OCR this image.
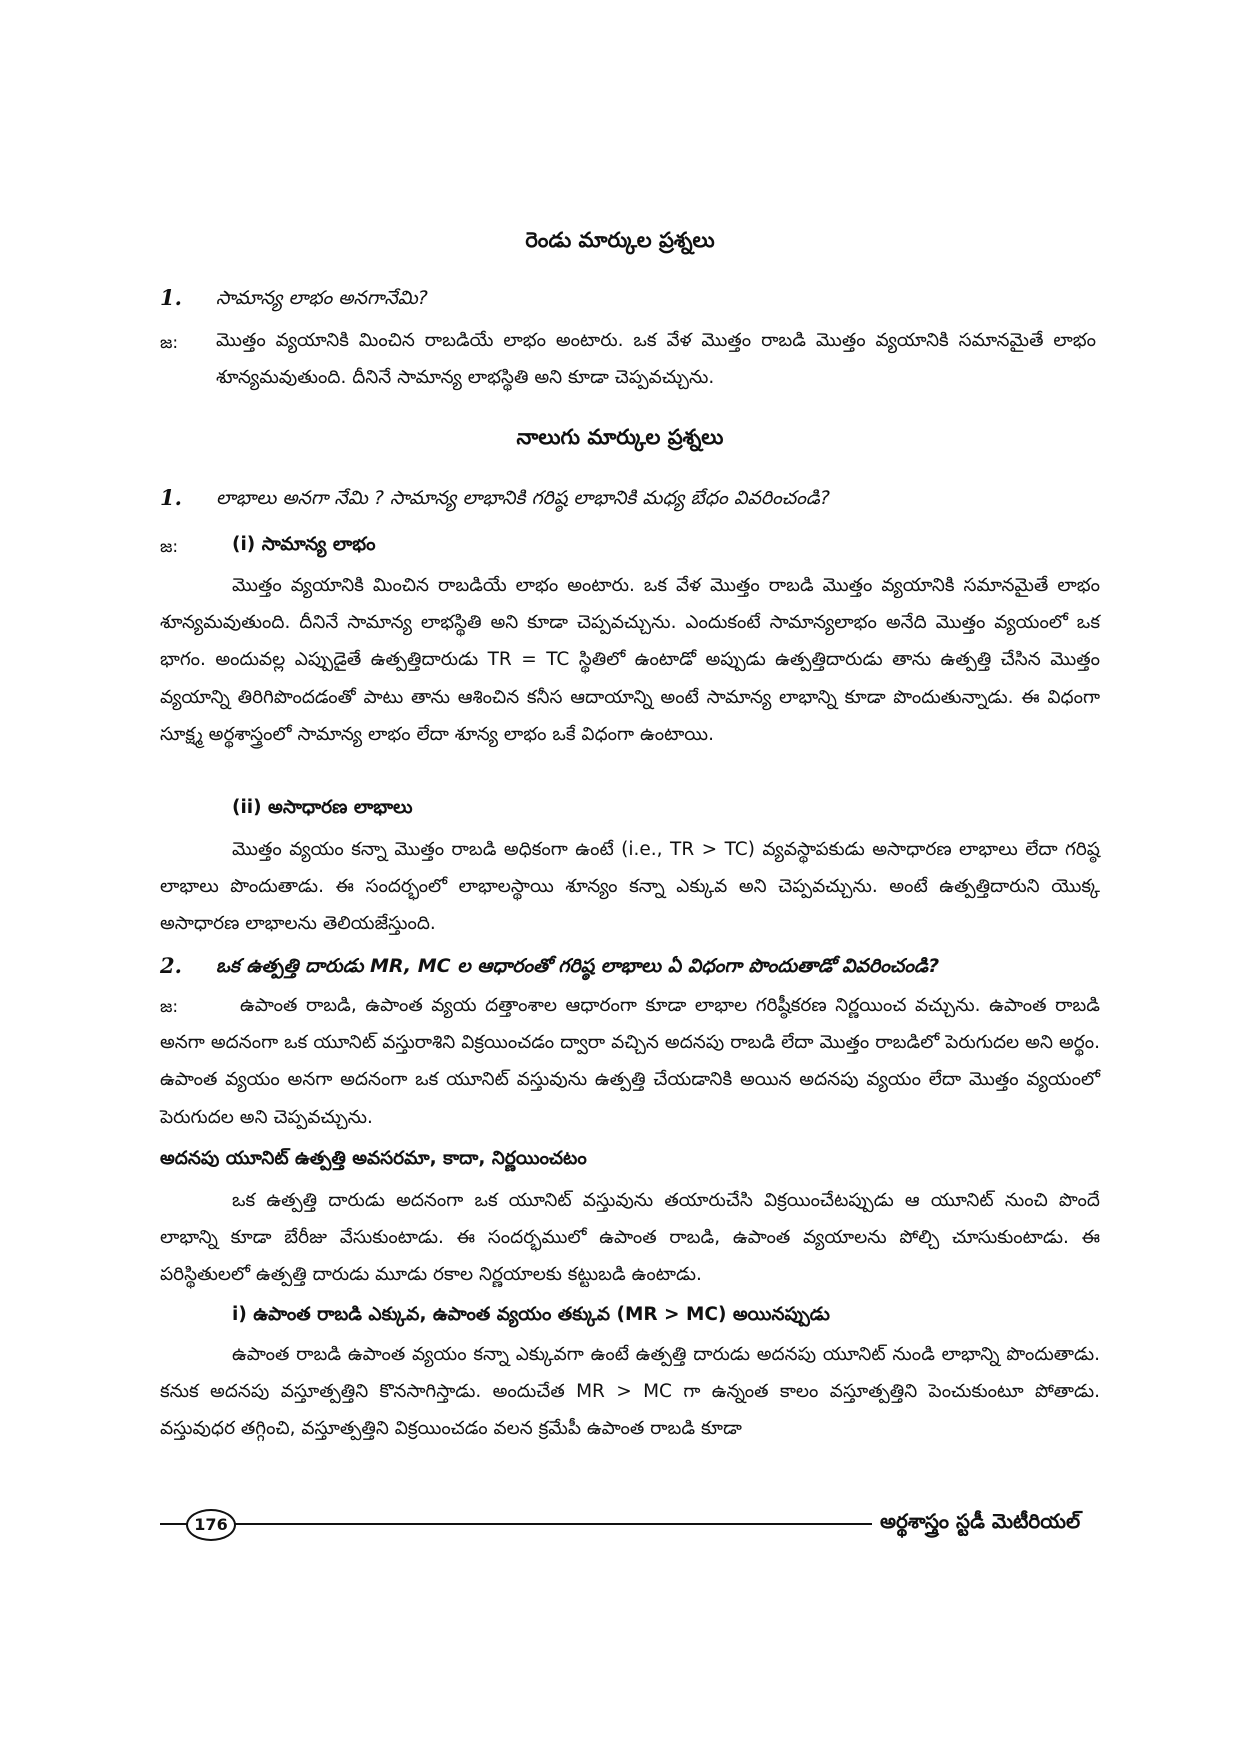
రెండు మార్కుల ప్రశ్నలు
1. సామాన్య లాభం అనగానేమి?
జ: మొత్తం వ్యయానికి మించిన రాబడియే లాభం అంటారు. ఒక వేళ మొత్తం రాబడి మొత్తం వ్యయానికి సమానమైతే లాభం శూన్యమవుతుంది. దీనినే సామాన్య లాభస్థితి అని కూడా చెప్పవచ్చును.

నాలుగు మార్కుల ప్రశ్నలు
1. లాభాలు అనగా నేమి ? సామాన్య లాభానికి గరిష్ఠ లాభానికి మధ్య బేధం వివరించండి?
జ:	(i) సామాన్య లాభం

మొత్తం వ్యయానికి మించిన రాబడియే లాభం అంటారు. ఒక వేళ మొత్తం రాబడి మొత్తం వ్యయానికి సమానమైతే లాభం శూన్యమవుతుంది. దీనినే సామాన్య లాభస్థితి అని కూడా చెప్పవచ్చును. ఎందుకంటే సామాన్యలాభం అనేది మొత్తం వ్యయంలో ఒక భాగం. అందువల్ల ఎప్పుడైతే ఉత్పత్తిదారుడు TR = TC స్థితిలో ఉంటాడో అప్పుడు ఉత్పత్తిదారుడు తాను ఉత్పత్తి చేసిన మొత్తం వ్యయాన్ని తిరిగిపొందడంతో పాటు తాను ఆశించిన కనీస ఆదాయాన్ని అంటే సామాన్య లాభాన్ని కూడా పొందుతున్నాడు. ఈ విధంగా సూక్ష్మ అర్థశాస్త్రంలో సామాన్య లాభం లేదా శూన్య లాభం ఒకే విధంగా ఉంటాయి.

(ii) అసాధారణ లాభాలు

మొత్తం వ్యయం కన్నా మొత్తం రాబడి అధికంగా ఉంటే (i.e., TR > TC) వ్యవస్థాపకుడు అసాధారణ లాభాలు లేదా గరిష్ఠ లాభాలు పొందుతాడు. ఈ సందర్భంలో లాభాలస్థాయి శూన్యం కన్నా ఎక్కువ అని చెప్పవచ్చును. అంటే ఉత్పత్తిదారుని యొక్క అసాధారణ లాభాలను తెలియజేస్తుంది.

2. ఒక ఉత్పత్తి దారుడు MR, MC ల ఆధారంతో గరిష్ఠ లాభాలు ఏ విధంగా పొందుతాడో వివరించండి?
జ:	ఉపాంత రాబడి, ఉపాంత వ్యయ దత్తాంశాల ఆధారంగా కూడా లాభాల గరిష్ఠీకరణ నిర్ణయించ వచ్చును. ఉపాంత రాబడి అనగా అదనంగా ఒక యూనిట్ వస్తురాశిని విక్రయించడం ద్వారా వచ్చిన అదనపు రాబడి లేదా మొత్తం రాబడిలో పెరుగుదల అని అర్థం. ఉపాంత వ్యయం అనగా అదనంగా ఒక యూనిట్ వస్తువును ఉత్పత్తి చేయడానికి అయిన అదనపు వ్యయం లేదా మొత్తం వ్యయంలో పెరుగుదల అని చెప్పవచ్చును.

అదనపు యూనిట్ ఉత్పత్తి అవసరమా, కాదా, నిర్ణయించటం

ఒక ఉత్పత్తి దారుడు అదనంగా ఒక యూనిట్ వస్తువును తయారుచేసి విక్రయించేటప్పుడు ఆ యూనిట్ నుంచి పొందే లాభాన్ని కూడా బేరీజు వేసుకుంటాడు. ఈ సందర్భములో ఉపాంత రాబడి, ఉపాంత వ్యయాలను పోల్చి చూసుకుంటాడు. ఈ పరిస్థితులలో ఉత్పత్తి దారుడు మూడు రకాల నిర్ణయాలకు కట్టుబడి ఉంటాడు.

i) ఉపాంత రాబడి ఎక్కువ, ఉపాంత వ్యయం తక్కువ (MR > MC) అయినప్పుడు

ఉపాంత రాబడి ఉపాంత వ్యయం కన్నా ఎక్కువగా ఉంటే ఉత్పత్తి దారుడు అదనపు యూనిట్ నుండి లాభాన్ని పొందుతాడు. కనుక అదనపు వస్తూత్పత్తిని కొనసాగిస్తాడు. అందుచేత MR > MC గా ఉన్నంత కాలం వస్తూత్పత్తిని పెంచుకుంటూ పోతాడు. వస్తువుధర తగ్గించి, వస్తూత్పత్తిని విక్రయించడం వలన క్రమేపీ ఉపాంత రాబడి కూడా

176	అర్థశాస్త్రం స్టడీ మెటీరియల్
